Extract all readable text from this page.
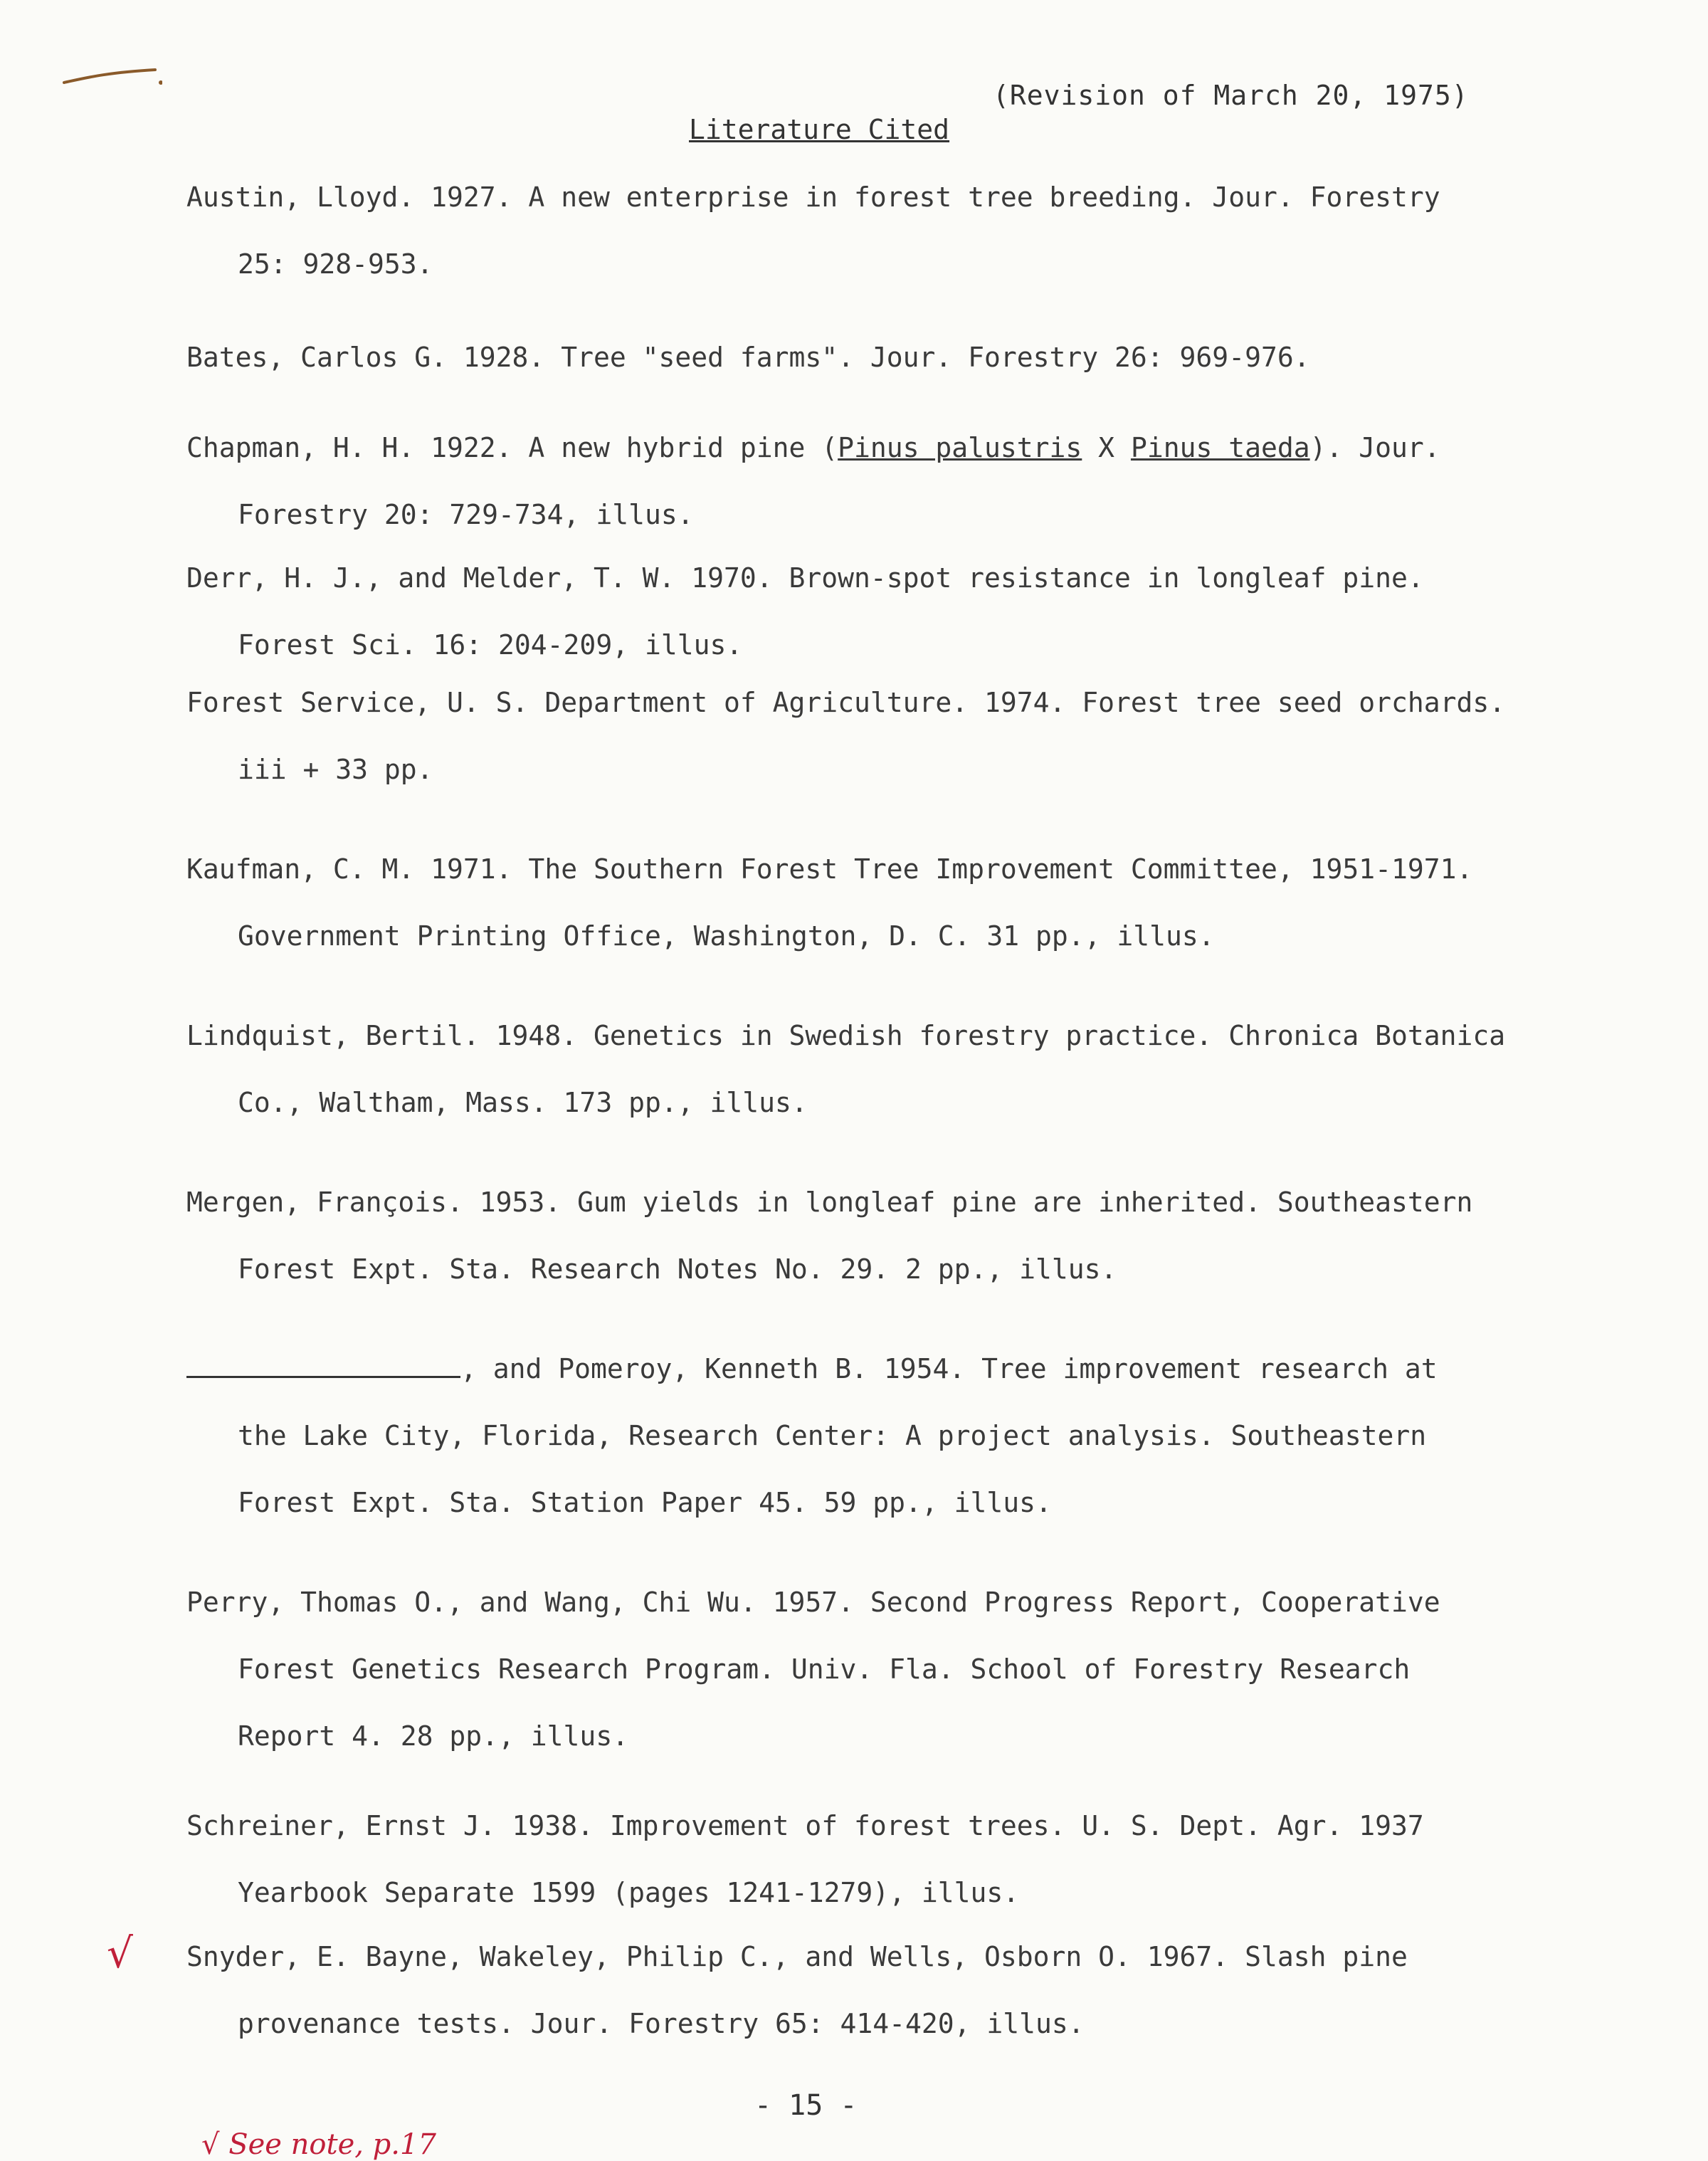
(Revision of March 20, 1975)
Literature Cited
Austin, Lloyd. 1927. A new enterprise in forest tree breeding. Jour. Forestry
25: 928-953.
Bates, Carlos G. 1928. Tree "seed farms". Jour. Forestry 26: 969-976.
Chapman, H. H. 1922. A new hybrid pine (Pinus palustris X Pinus taeda). Jour.
Forestry 20: 729-734, illus.
Derr, H. J., and Melder, T. W. 1970. Brown-spot resistance in longleaf pine.
Forest Sci. 16: 204-209, illus.
Forest Service, U. S. Department of Agriculture. 1974. Forest tree seed orchards.
iii + 33 pp.
Kaufman, C. M. 1971. The Southern Forest Tree Improvement Committee, 1951-1971.
Government Printing Office, Washington, D. C. 31 pp., illus.
Lindquist, Bertil. 1948. Genetics in Swedish forestry practice. Chronica Botanica
Co., Waltham, Mass. 173 pp., illus.
Mergen, François. 1953. Gum yields in longleaf pine are inherited. Southeastern
Forest Expt. Sta. Research Notes No. 29. 2 pp., illus.
, and Pomeroy, Kenneth B. 1954. Tree improvement research at
the Lake City, Florida, Research Center: A project analysis. Southeastern
Forest Expt. Sta. Station Paper 45. 59 pp., illus.
Perry, Thomas O., and Wang, Chi Wu. 1957. Second Progress Report, Cooperative
Forest Genetics Research Program. Univ. Fla. School of Forestry Research
Report 4. 28 pp., illus.
Schreiner, Ernst J. 1938. Improvement of forest trees. U. S. Dept. Agr. 1937
Yearbook Separate 1599 (pages 1241-1279), illus.
√ Snyder, E. Bayne, Wakeley, Philip C., and Wells, Osborn O. 1967. Slash pine
provenance tests. Jour. Forestry 65: 414-420, illus.
- 15 -
√ See note, p.17
